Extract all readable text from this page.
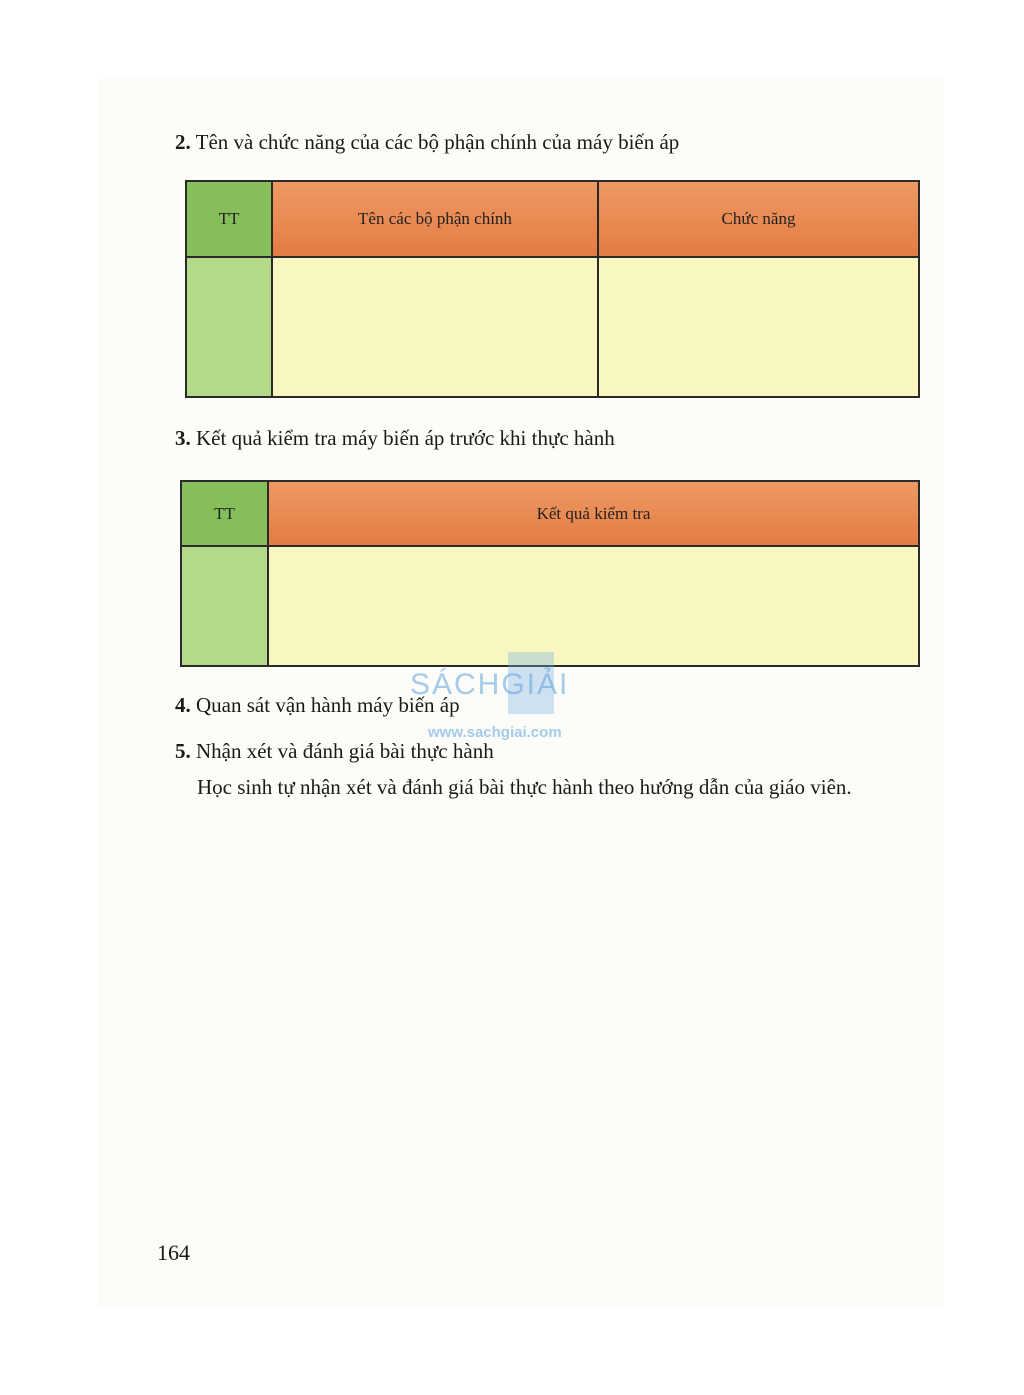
2. Tên và chức năng của các bộ phận chính của máy biến áp
TT	Tên các bộ phận chính	Chức năng

3. Kết quả kiểm tra máy biến áp trước khi thực hành
TT	Kết quả kiểm tra

SÁCHGIẢI
www.sachgiai.com
4. Quan sát vận hành máy biến áp
5. Nhận xét và đánh giá bài thực hành
Học sinh tự nhận xét và đánh giá bài thực hành theo hướng dẫn của giáo viên.
164
